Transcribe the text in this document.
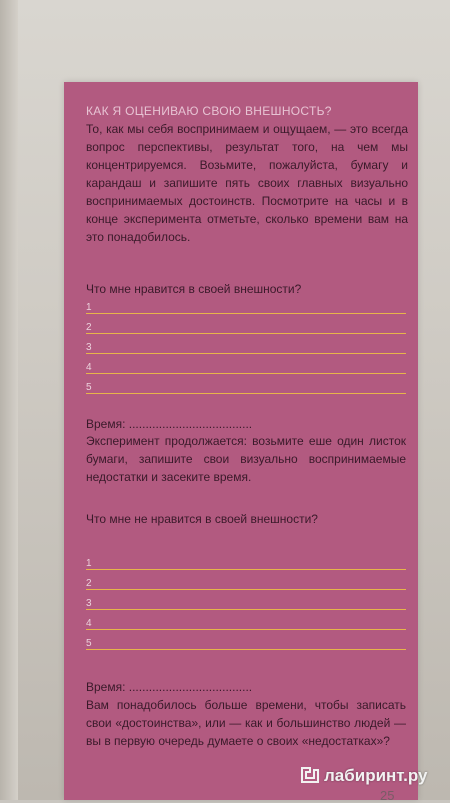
КАК Я ОЦЕНИВАЮ СВОЮ ВНЕШНОСТЬ?

То, как мы себя воспринимаем и ощущаем, — это всегда вопрос перспективы, результат того, на чем мы концентрируемся. Возьмите, пожалуйста, бумагу и карандаш и запишите пять своих главных визуально воспринимаемых достоинств. Посмотрите на часы и в конце эксперимента отметьте, сколько времени вам на это понадобилось.

Что мне нравится в своей внешности?
1
2
3
4
5
Время: .....................................

Эксперимент продолжается: возьмите еше один листок бумаги, запишите свои визуально воспринимаемые недостатки и засеките время.

Что мне не нравится в своей внешности?
1
2
3
4
5
Время: .....................................

Вам понадобилось больше времени, чтобы записать свои «достоинства», или — как и большинство людей — вы в первую очередь думаете о своих «недостатках»?

лабиринт.ру
25
